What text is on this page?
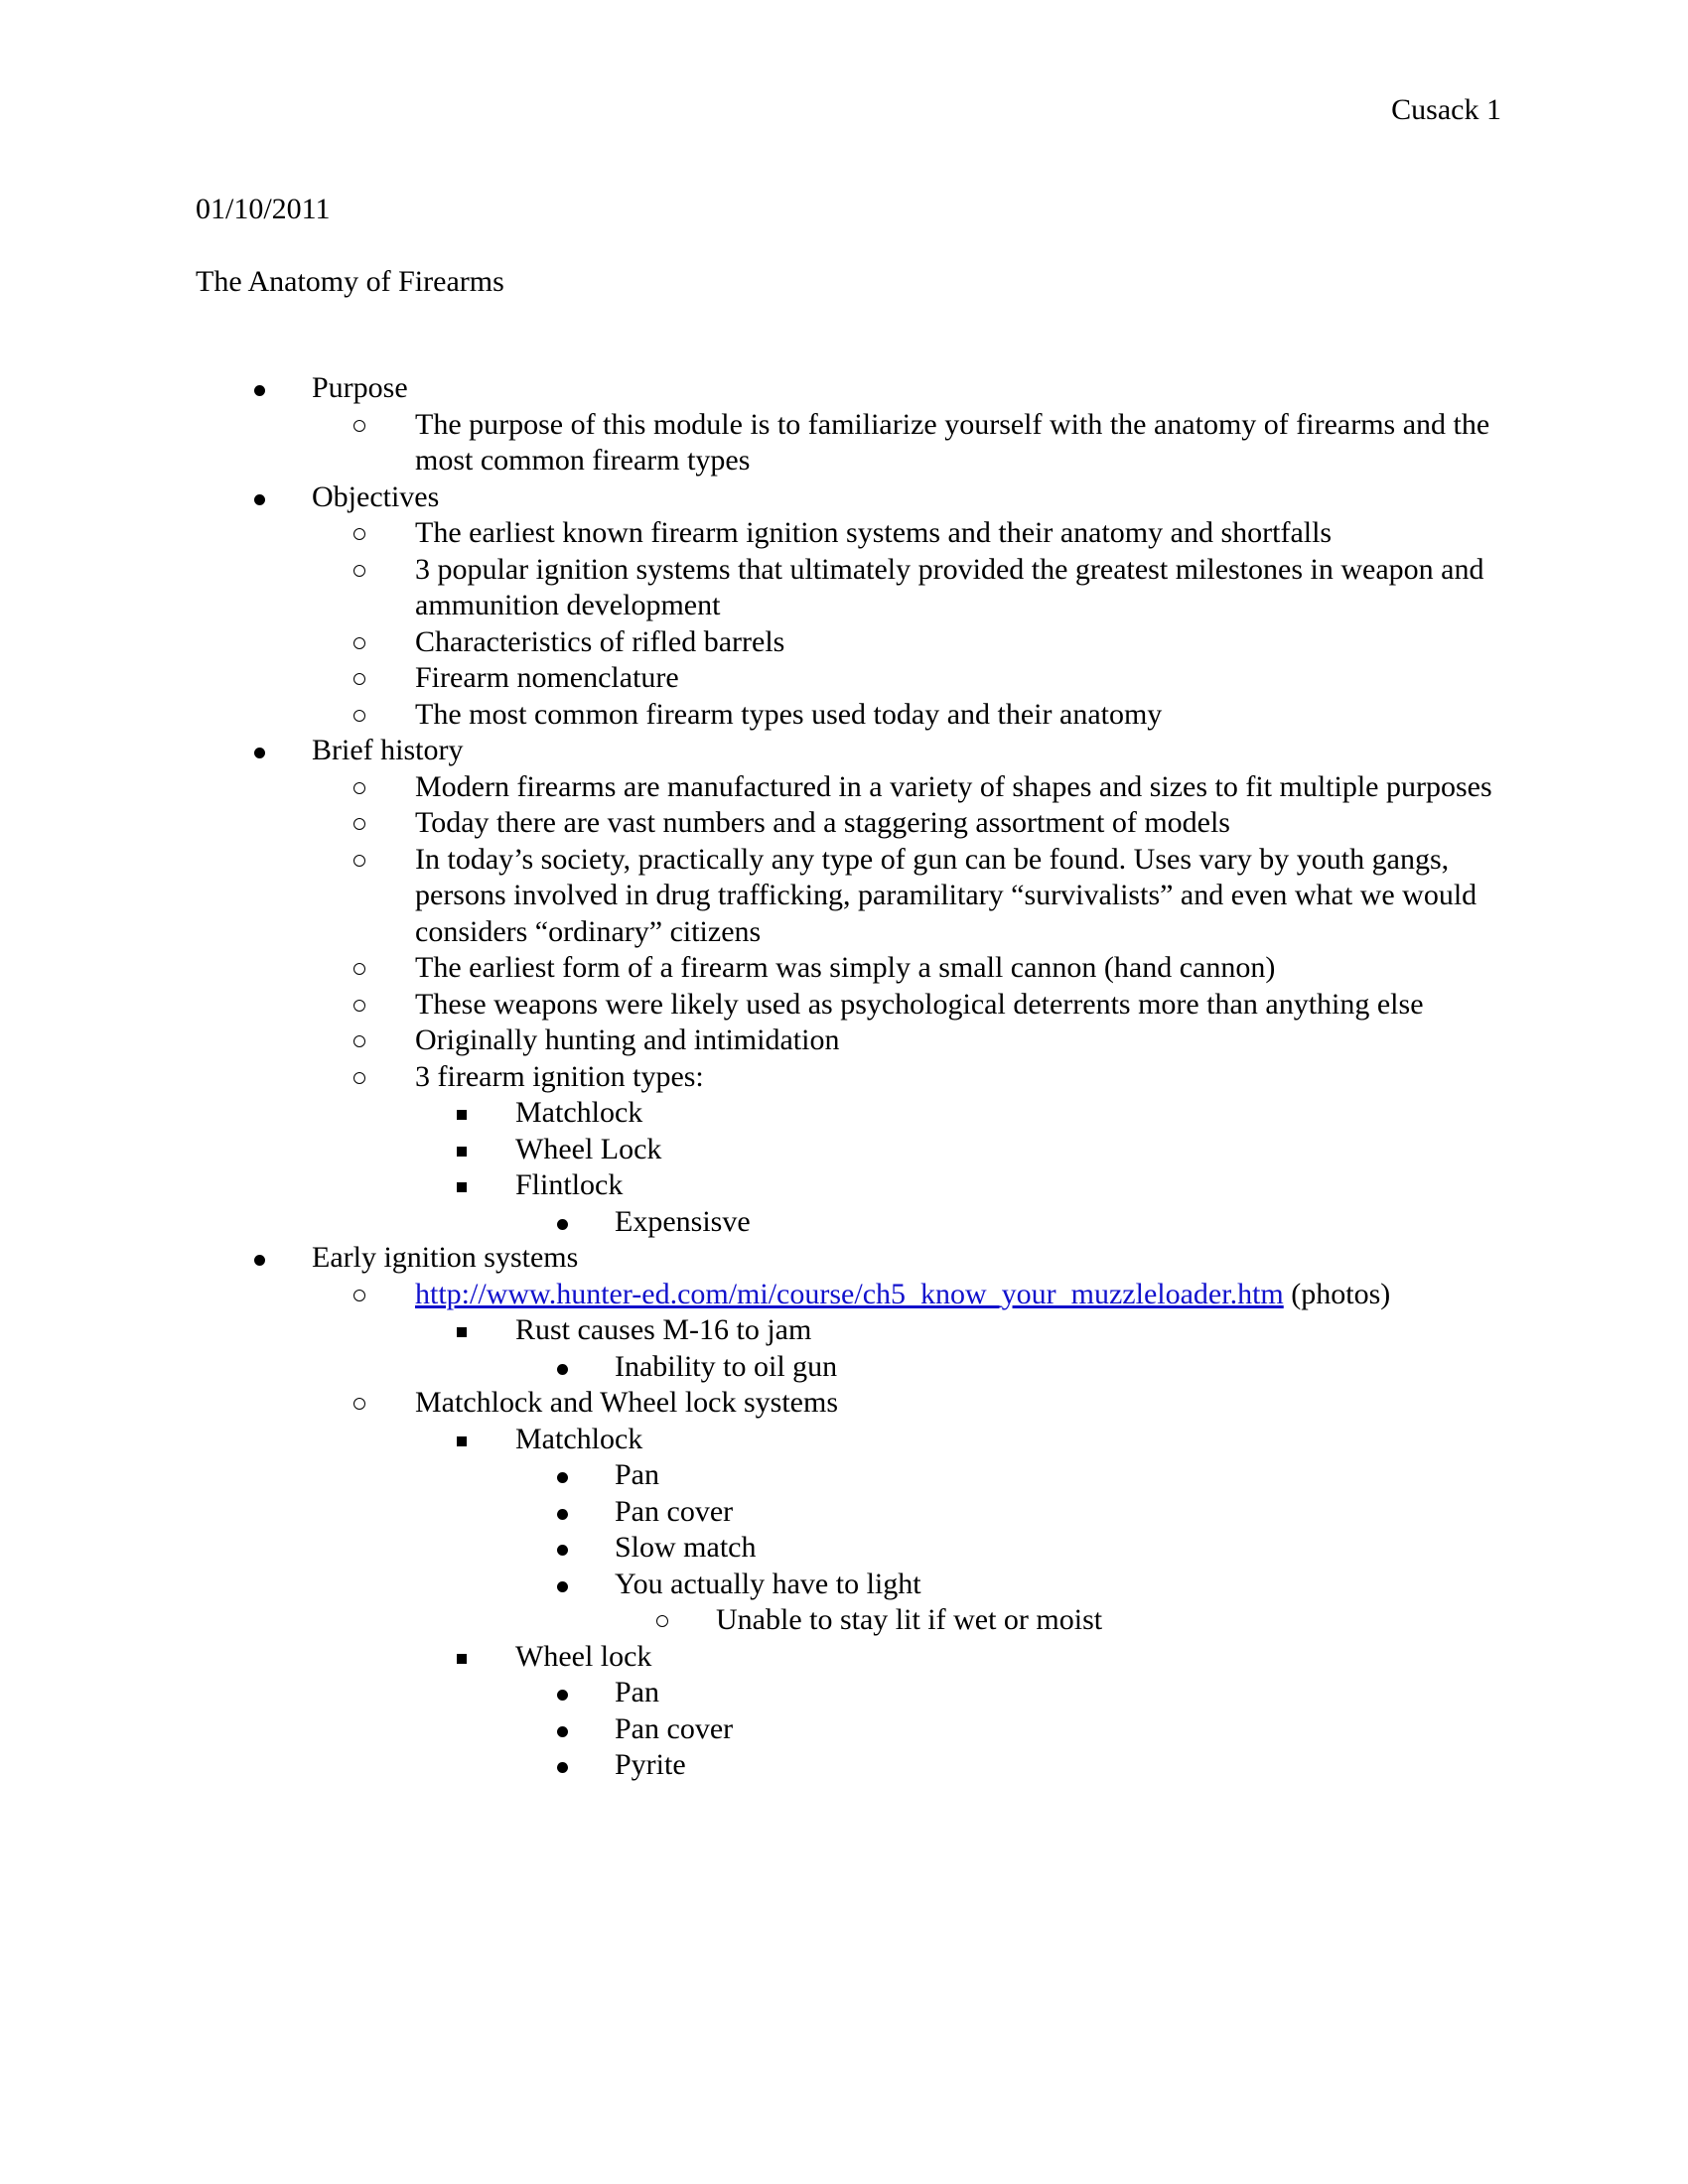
Cusack 1
01/10/2011
The Anatomy of Firearms
Purpose
The purpose of this module is to familiarize yourself with the anatomy of firearms and the most common firearm types
Objectives
The earliest known firearm ignition systems and their anatomy and shortfalls
3 popular ignition systems that ultimately provided the greatest milestones in weapon and ammunition development
Characteristics of rifled barrels
Firearm nomenclature
The most common firearm types used today and their anatomy
Brief history
Modern firearms are manufactured in a variety of shapes and sizes to fit multiple purposes
Today there are vast numbers and a staggering assortment of models
In today’s society, practically any type of gun can be found. Uses vary by youth gangs, persons involved in drug trafficking, paramilitary “survivalists” and even what we would considers “ordinary” citizens
The earliest form of a firearm was simply a small cannon (hand cannon)
These weapons were likely used as psychological deterrents more than anything else
Originally hunting and intimidation
3 firearm ignition types:
Matchlock
Wheel Lock
Flintlock
Expensisve
Early ignition systems
http://www.hunter-ed.com/mi/course/ch5_know_your_muzzleloader.htm (photos)
Rust causes M-16 to jam
Inability to oil gun
Matchlock and Wheel lock systems
Matchlock
Pan
Pan cover
Slow match
You actually have to light
Unable to stay lit if wet or moist
Wheel lock
Pan
Pan cover
Pyrite
